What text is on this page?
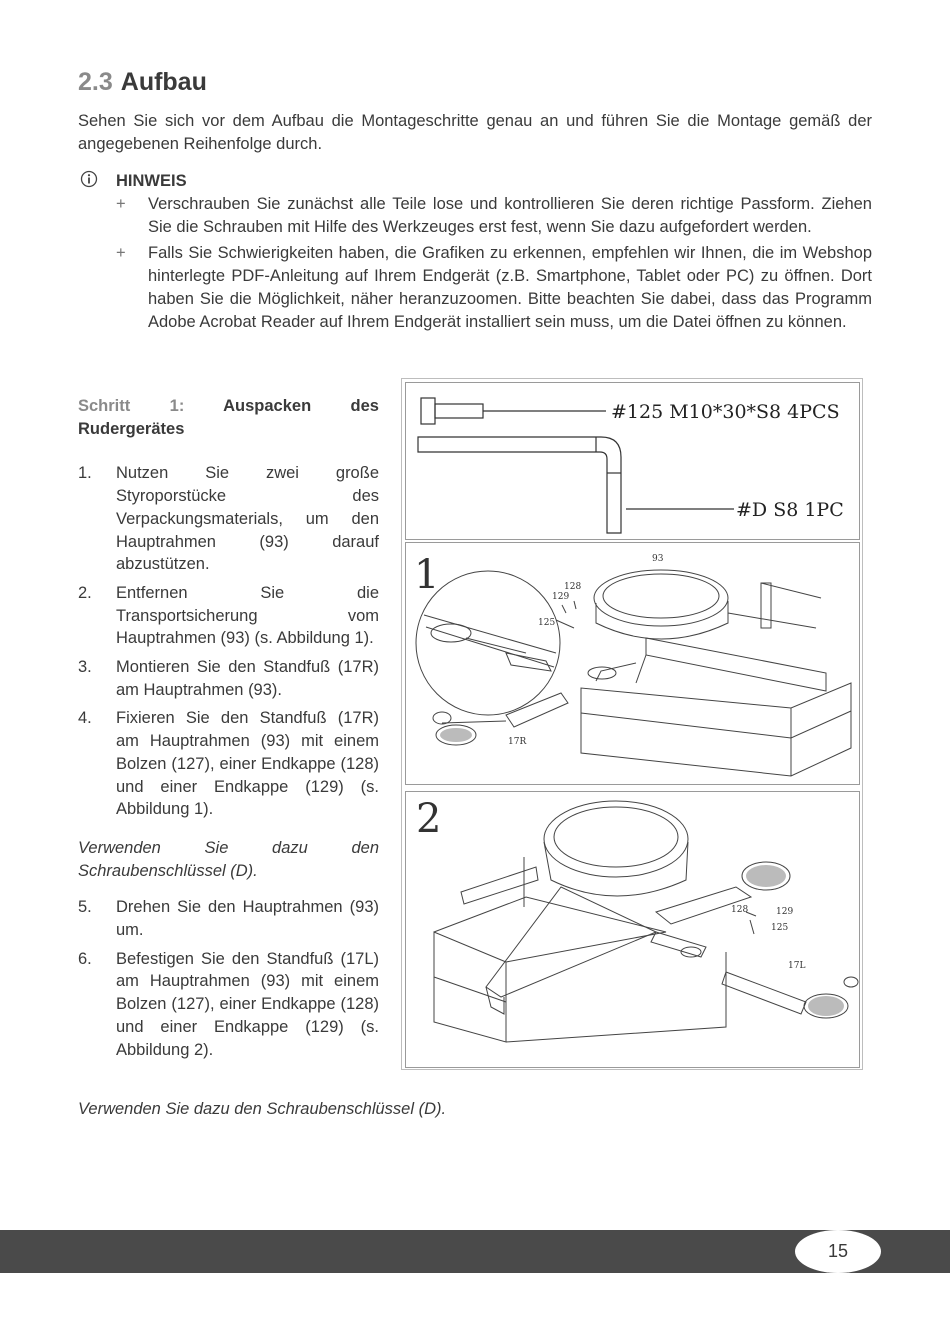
2.3 Aufbau

Sehen Sie sich vor dem Aufbau die Montageschritte genau an und führen Sie die Montage gemäß der angegebenen Reihenfolge durch.

HINWEIS
+ Verschrauben Sie zunächst alle Teile lose und kontrollieren Sie deren richtige Passform. Ziehen Sie die Schrauben mit Hilfe des Werkzeuges erst fest, wenn Sie dazu aufgefordert werden.
+ Falls Sie Schwierigkeiten haben, die Grafiken zu erkennen, empfehlen wir Ihnen, die im Webshop hinterlegte PDF-Anleitung auf Ihrem Endgerät (z.B. Smartphone, Tablet oder PC) zu öffnen. Dort haben Sie die Möglichkeit, näher heranzuzoomen. Bitte beachten Sie dabei, dass das Programm Adobe Acrobat Reader auf Ihrem Endgerät installiert sein muss, um die Datei öffnen zu können.

Schritt 1: Auspacken des
Rudergerätes

1. Nutzen Sie zwei große Styroporstücke des Verpackungsmaterials, um den Hauptrahmen (93) darauf abzustützen.
2. Entfernen Sie die Transportsicherung vom Hauptrahmen (93) (s. Abbildung 1).
3. Montieren Sie den Standfuß (17R) am Hauptrahmen (93).
4. Fixieren Sie den Standfuß (17R) am Hauptrahmen (93) mit einem Bolzen (127), einer Endkappe (128) und einer Endkappe (129) (s. Abbildung 1).

Verwenden Sie dazu den Schraubenschlüssel (D).

5. Drehen Sie den Hauptrahmen (93) um.
6. Befestigen Sie den Standfuß (17L) am Hauptrahmen (93) mit einem Bolzen (127), einer Endkappe (128) und einer Endkappe (129) (s. Abbildung 2).
Verwenden Sie dazu den Schraubenschlüssel (D).
#125 M10*30*S8 4PCS
#D S8 1PC
1	93
128
129
125
17R
2
128	129
125
17L
15
